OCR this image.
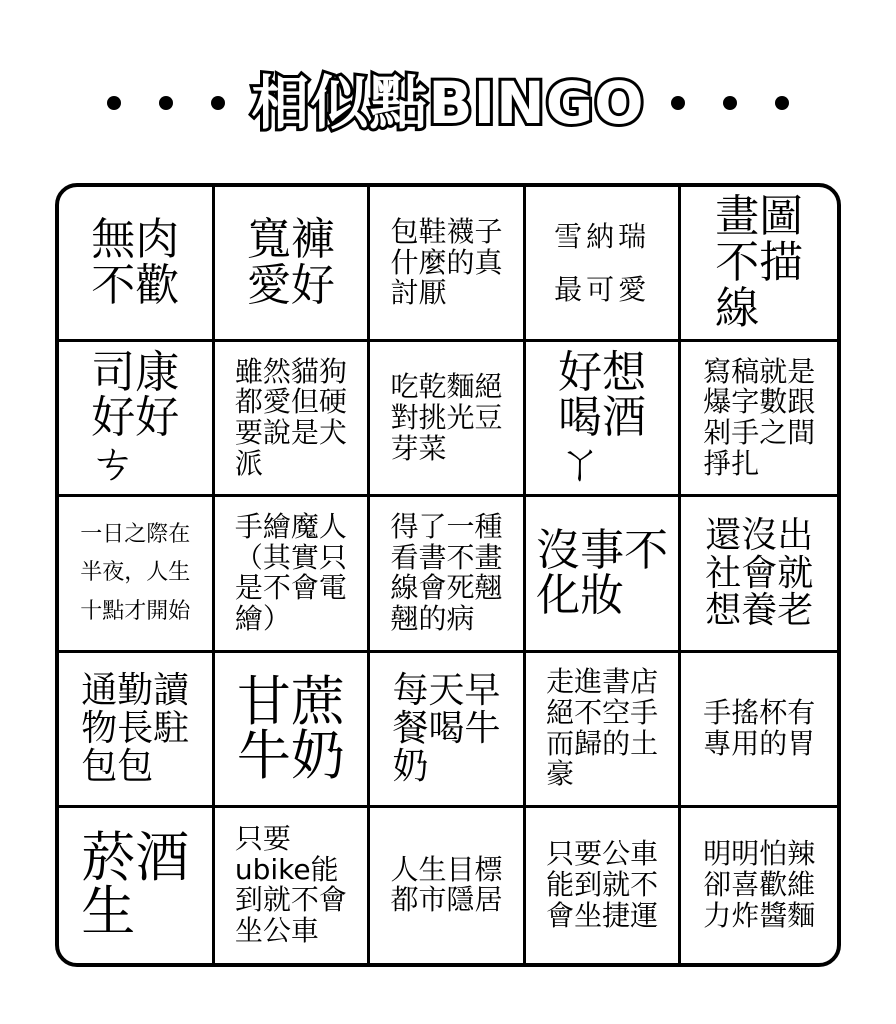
相似點BINGO
無肉
不歡
寬褲
愛好
包鞋襪子
什麼的真
討厭
雪納瑞
最可愛
畫圖
不描
線
司康
好好
ㄘ
雖然貓狗
都愛但硬
要說是犬
派
吃乾麵絕
對挑光豆
芽菜
好想
喝酒
ㄚ
寫稿就是
爆字數跟
剁手之間
掙扎
一日之際在
半夜，人生
十點才開始
手繪魔人
（其實只
是不會電
繪）
得了一種
看書不畫
線會死翹
翹的病
沒事不
化妝
還沒出
社會就
想養老
通勤讀
物長駐
包包
甘蔗
牛奶
每天早
餐喝牛
奶
走進書店
絕不空手
而歸的土
豪
手搖杯有
專用的胃
菸酒
生
只要
ubike能
到就不會
坐公車
人生目標
都市隱居
只要公車
能到就不
會坐捷運
明明怕辣
卻喜歡維
力炸醬麵
